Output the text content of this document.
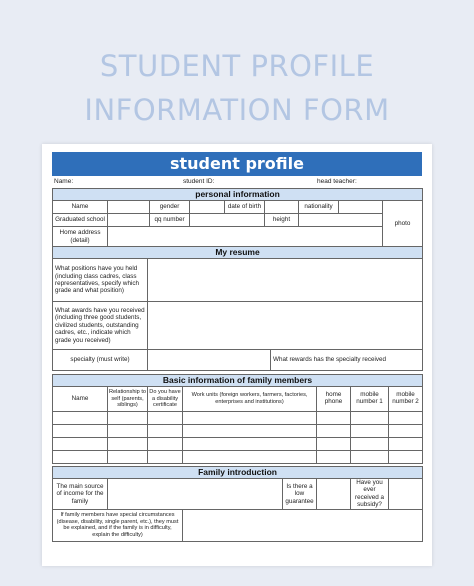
STUDENT PROFILE
INFORMATION FORM
student profile
Name:	student ID:	head teacher:
personal information								
Name		gender		date of birth		nationality		photo
Graduated school		qq number			height			
Home address (detail)								
My resume		
What positions have you held (including class cadres, class representatives, specify which grade and what position)		
What awards have you received (including three good students, civilized students, outstanding cadres, etc., indicate which grade you received)		
specialty (must write)		What rewards has the specialty received
Basic information of family members						
Name	Relationship to self (parents, siblings)	Do you have a disability certificate	Work units (foreign workers, farmers, factories, enterprises and institutions)	home phone	mobile number 1	mobile number 2

Family introduction						
The main source of income for the family			Is there a low guarantee		Have you ever received a subsidy?	
If family members have special circumstances (disease, disability, single parent, etc.), they must be explained, and if the family is in difficulty, explain the difficulty)						
